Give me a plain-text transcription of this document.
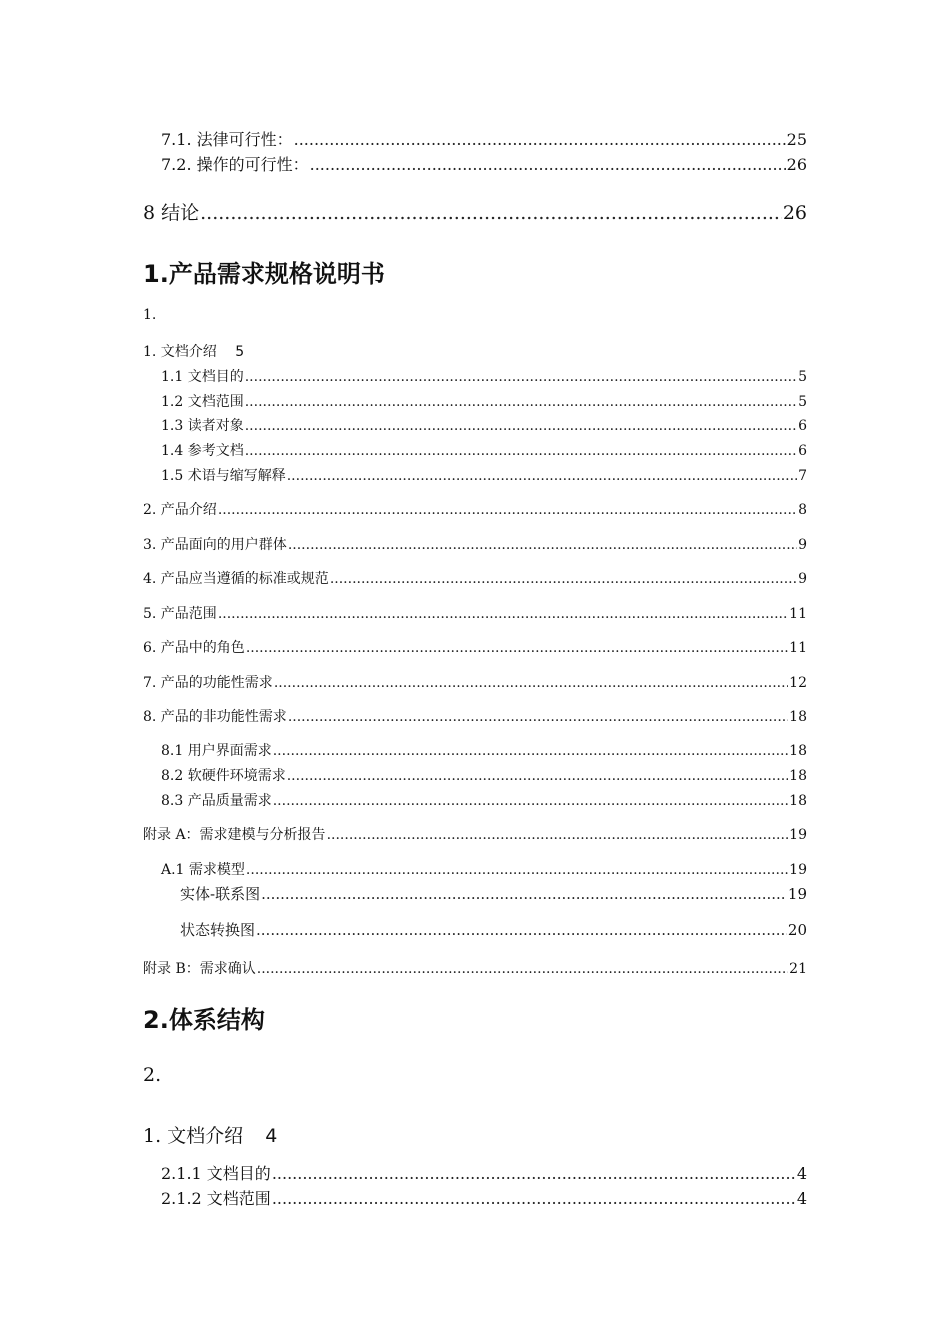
7.1. 法律可行性： .....	25
7.2. 操作的可行性： .....	26
8 结论 .....	26
1.产品需求规格说明书
1.
1. 文档介绍 5
1.1 文档目的 .....	5
1.2 文档范围 .....	5
1.3 读者对象 .....	6
1.4 参考文档 .....	6
1.5 术语与缩写解释 .....	7
2. 产品介绍 .....	8
3. 产品面向的用户群体 .....	9
4. 产品应当遵循的标准或规范 .....	9
5. 产品范围 .....	11
6. 产品中的角色 .....	11
7. 产品的功能性需求 .....	12
8. 产品的非功能性需求 .....	18
8.1 用户界面需求 .....	18
8.2 软硬件环境需求 .....	18
8.3 产品质量需求 .....	18
附录 A：需求建模与分析报告 .....	19
A.1 需求模型 .....	19
实体-联系图 .....	19
状态转换图 .....	20
附录 B：需求确认 .....	21
2.体系结构
2.
1. 文档介绍 4
2.1.1 文档目的 .....	4
2.1.2 文档范围 .....	4
